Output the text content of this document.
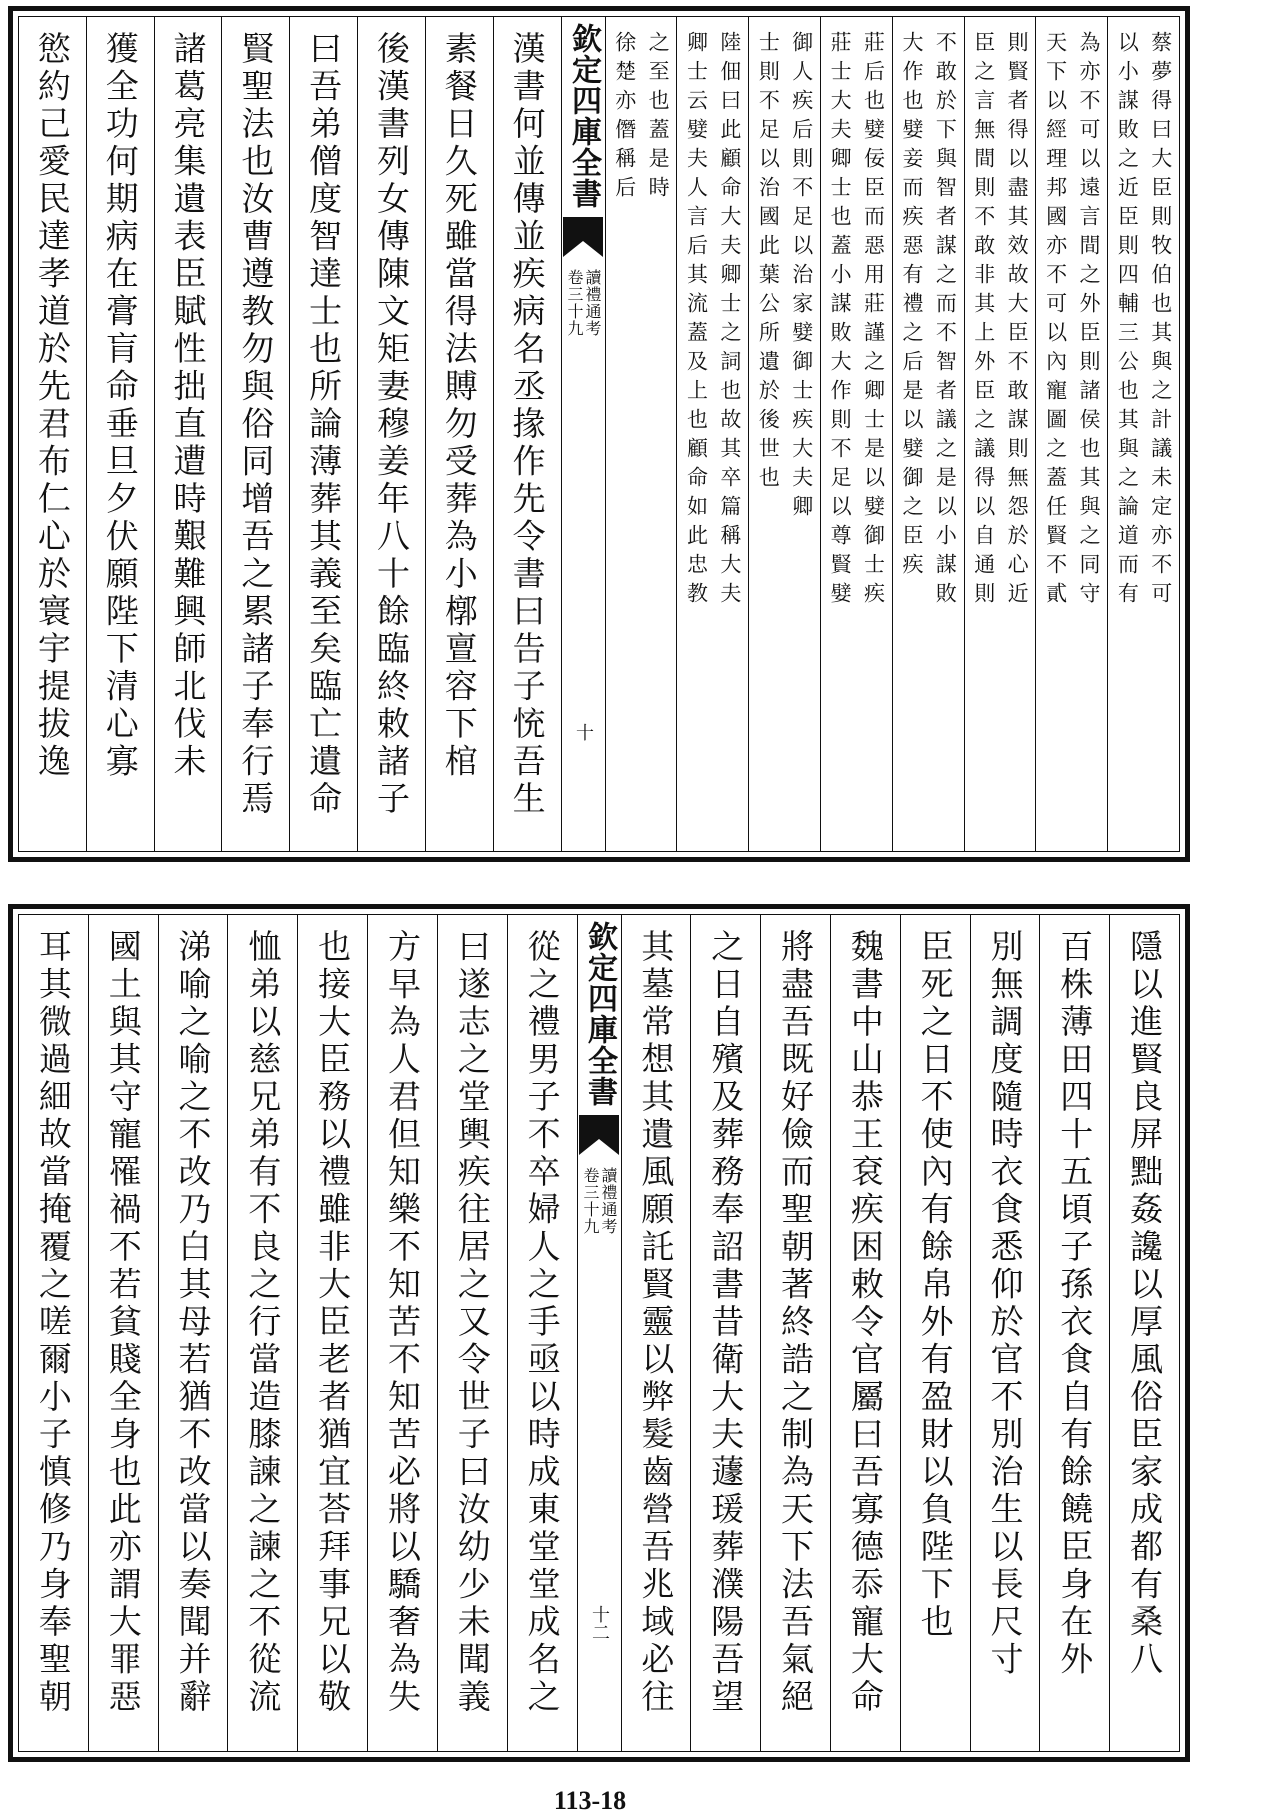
蔡夢得曰大臣則牧伯也其與之計議未定亦不可
以小謀敗之近臣則四輔三公也其與之論道而有
為亦不可以遠言間之外臣則諸侯也其與之同守
天下以經理邦國亦不可以內寵圖之蓋任賢不貳
則賢者得以盡其效故大臣不敢謀則無怨於心近
臣之言無間則不敢非其上外臣之議得以自通則
不敢於下與智者謀之而不智者議之是以小謀敗
大作也嬖妾而疾惡有禮之后是以嬖御之臣疾
莊后也嬖佞臣而惡用莊謹之卿士是以嬖御士疾
莊士大夫卿士也蓋小謀敗大作則不足以尊賢嬖
御人疾后則不足以治家嬖御士疾大夫卿
士則不足以治國此葉公所遺於後世也
陸佃曰此顧命大夫卿士之詞也故其卒篇稱大夫
卿士云嬖夫人言后其流蓋及上也顧命如此忠教
之至也蓋是時
徐楚亦僭稱后
欽定四庫全書
讀禮通考
卷三十九
十
漢書何並傳並疾病名丞掾作先令書曰告子㤝吾生
素餐日久死雖當得法賻勿受葬為小槨亶容下棺
後漢書列女傳陳文矩妻穆姜年八十餘臨終敕諸子
曰吾弟僧度智達士也所論薄葬其義至矣臨亡遺命
賢聖法也汝曹遵教勿與俗同增吾之累諸子奉行焉
諸葛亮集遺表臣賦性拙直遭時艱難興師北伐未
獲全功何期病在膏肓命垂旦夕伏願陛下清心寡
慾約己愛民達孝道於先君布仁心於寰宇提拔逸
隱以進賢良屏黜姦讒以厚風俗臣家成都有桑八
百株薄田四十五頃子孫衣食自有餘饒臣身在外
別無調度隨時衣食悉仰於官不別治生以長尺寸
臣死之日不使內有餘帛外有盈財以負陛下也
魏書中山恭王袞疾困敕令官屬曰吾寡德忝寵大命
將盡吾既好儉而聖朝著終誥之制為天下法吾氣絕
之日自殯及葬務奉詔書昔衛大夫蘧瑗葬濮陽吾望
其墓常想其遺風願託賢靈以弊髮齒營吾兆域必往
欽定四庫全書
讀禮通考
卷三十九
十二
從之禮男子不卒婦人之手亟以時成東堂堂成名之
曰遂志之堂輿疾往居之又令世子曰汝幼少未聞義
方早為人君但知樂不知苦不知苦必將以驕奢為失
也接大臣務以禮雖非大臣老者猶宜荅拜事兄以敬
恤弟以慈兄弟有不良之行當造膝諫之諫之不從流
涕喻之喻之不改乃白其母若猶不改當以奏聞并辭
國土與其守寵罹禍不若貧賤全身也此亦謂大罪惡
耳其微過細故當掩覆之嗟爾小子慎修乃身奉聖朝
113-18
